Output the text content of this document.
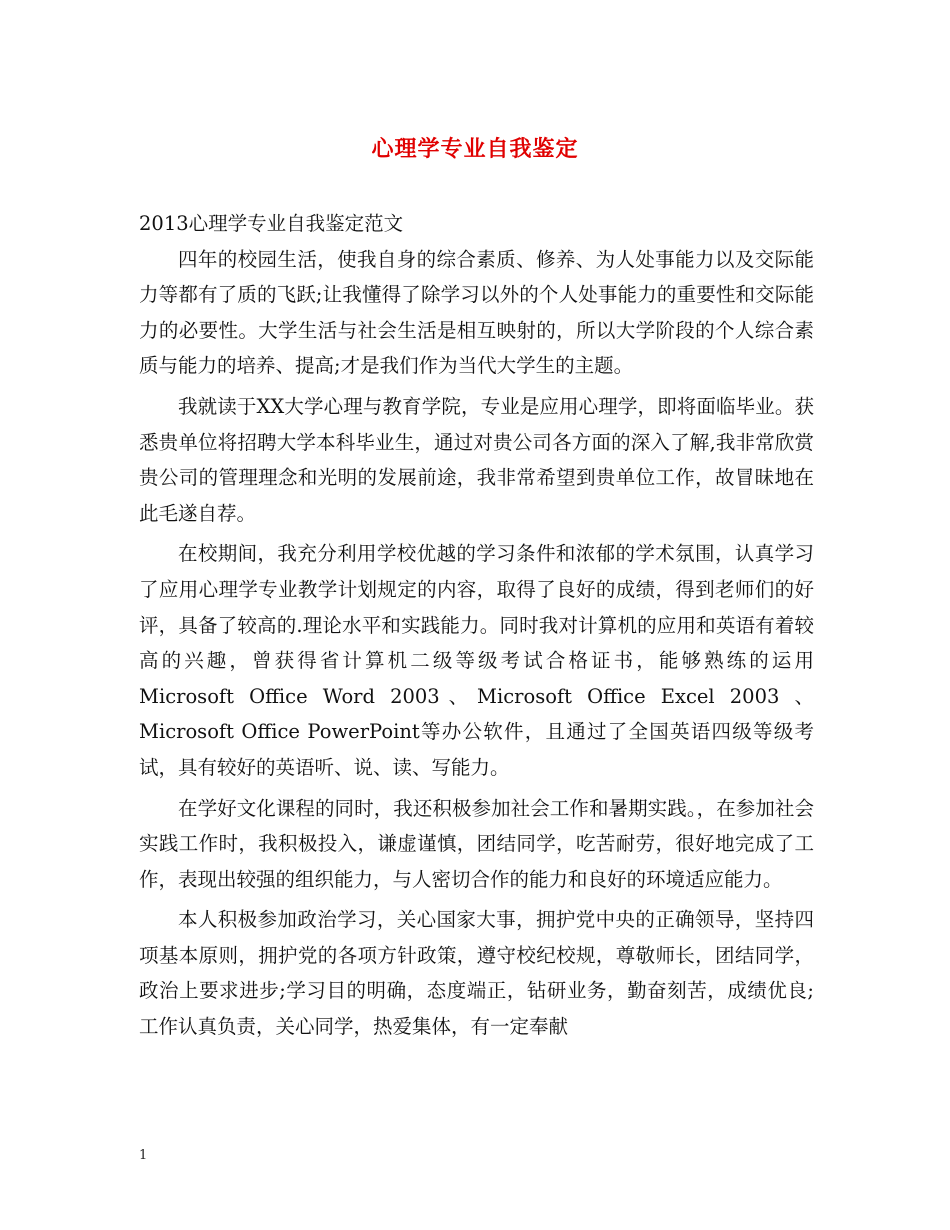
心理学专业自我鉴定

2013心理学专业自我鉴定范文

四年的校园生活，使我自身的综合素质、修养、为人处事能力以及交际能力等都有了质的飞跃;让我懂得了除学习以外的个人处事能力的重要性和交际能力的必要性。大学生活与社会生活是相互映射的，所以大学阶段的个人综合素质与能力的培养、提高;才是我们作为当代大学生的主题。

我就读于XX大学心理与教育学院，专业是应用心理学，即将面临毕业。获悉贵单位将招聘大学本科毕业生，通过对贵公司各方面的深入了解,我非常欣赏贵公司的管理理念和光明的发展前途，我非常希望到贵单位工作，故冒昧地在此毛遂自荐。

在校期间，我充分利用学校优越的学习条件和浓郁的学术氛围，认真学习了应用心理学专业教学计划规定的内容，取得了良好的成绩，得到老师们的好评，具备了较高的.理论水平和实践能力。同时我对计算机的应用和英语有着较高的兴趣，曾获得省计算机二级等级考试合格证书，能够熟练的运用 Microsoft Office Word 2003、Microsoft Office Excel 2003 、Microsoft Office PowerPoint等办公软件，且通过了全国英语四级等级考试，具有较好的英语听、说、读、写能力。

在学好文化课程的同时，我还积极参加社会工作和暑期实践。，在参加社会实践工作时，我积极投入，谦虚谨慎，团结同学，吃苦耐劳，很好地完成了工作，表现出较强的组织能力，与人密切合作的能力和良好的环境适应能力。

本人积极参加政治学习，关心国家大事，拥护党中央的正确领导，坚持四项基本原则，拥护党的各项方针政策，遵守校纪校规，尊敬师长，团结同学，政治上要求进步;学习目的明确，态度端正，钻研业务，勤奋刻苦，成绩优良;工作认真负责，关心同学，热爱集体，有一定奉献

1
